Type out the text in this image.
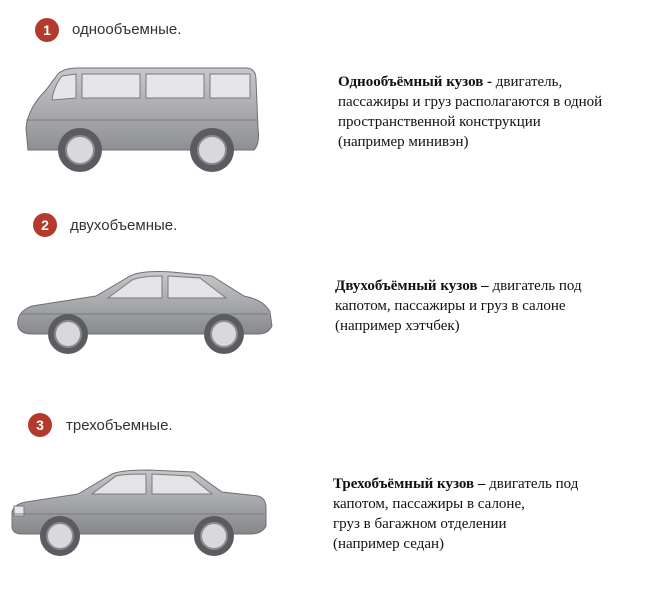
1	однообъемные.
Однообъёмный кузов - двигатель,
пассажиры и груз располагаются в одной
пространственной конструкции
(например минивэн)
2	двухобъемные.
Двухобъёмный кузов – двигатель под
капотом, пассажиры и груз в салоне
(например хэтчбек)
3	трехобъемные.
Трехобъёмный кузов – двигатель под
капотом, пассажиры в салоне,
груз в багажном отделении
(например седан)
